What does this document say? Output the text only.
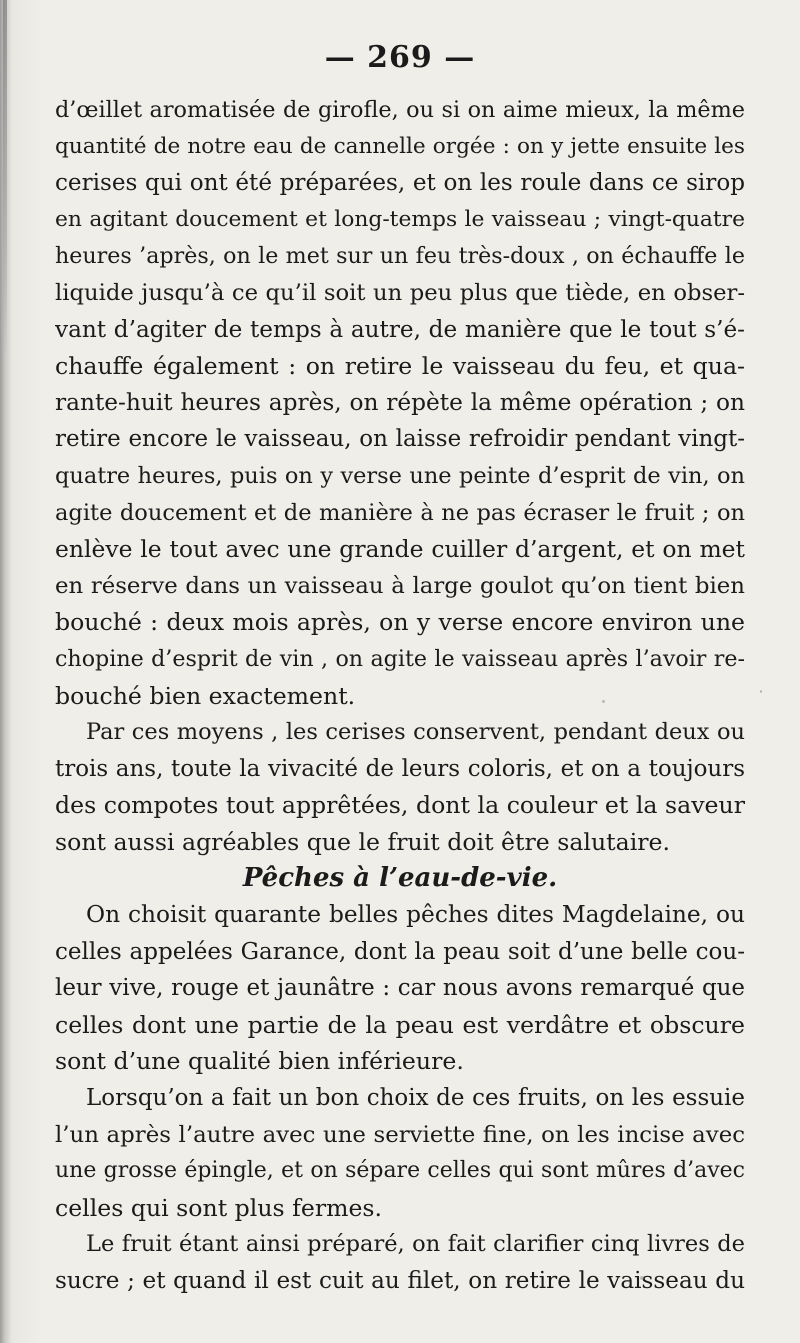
— 269 —
d’œillet aromatisée de girofle, ou si on aime mieux, la même
quantité de notre eau de cannelle orgée : on y jette ensuite les
cerises qui ont été préparées, et on les roule dans ce sirop
en agitant doucement et long-temps le vaisseau ; vingt-quatre
heures ’après, on le met sur un feu très-doux , on échauffe le
liquide jusqu’à ce qu’il soit un peu plus que tiède, en obser-
vant d’agiter de temps à autre, de manière que le tout s’é-
chauffe également : on retire le vaisseau du feu, et qua-
rante-huit heures après, on répète la même opération ; on
retire encore le vaisseau, on laisse refroidir pendant vingt-
quatre heures, puis on y verse une peinte d’esprit de vin, on
agite doucement et de manière à ne pas écraser le fruit ; on
enlève le tout avec une grande cuiller d’argent, et on met
en réserve dans un vaisseau à large goulot qu’on tient bien
bouché : deux mois après, on y verse encore environ une
chopine d’esprit de vin , on agite le vaisseau après l’avoir re-
bouché bien exactement.
Par ces moyens , les cerises conservent, pendant deux ou
trois ans, toute la vivacité de leurs coloris, et on a toujours
des compotes tout apprêtées, dont la couleur et la saveur
sont aussi agréables que le fruit doit être salutaire.
Pêches à l’eau-de-vie.
On choisit quarante belles pêches dites Magdelaine, ou
celles appelées Garance, dont la peau soit d’une belle cou-
leur vive, rouge et jaunâtre : car nous avons remarqué que
celles dont une partie de la peau est verdâtre et obscure
sont d’une qualité bien inférieure.
Lorsqu’on a fait un bon choix de ces fruits, on les essuie
l’un après l’autre avec une serviette fine, on les incise avec
une grosse épingle, et on sépare celles qui sont mûres d’avec
celles qui sont plus fermes.
Le fruit étant ainsi préparé, on fait clarifier cinq livres de
sucre ; et quand il est cuit au filet, on retire le vaisseau du
